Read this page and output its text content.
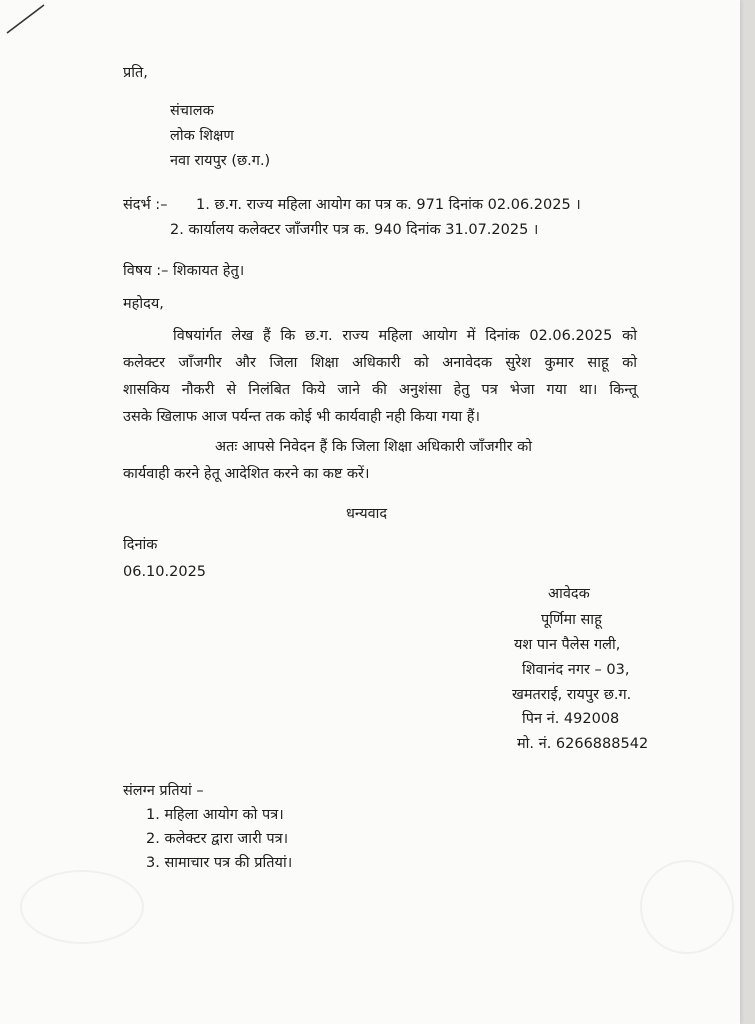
प्रति,
संचालक
लोक शिक्षण
नवा रायपुर (छ.ग.)
संदर्भ :– 1. छ.ग. राज्य महिला आयोग का पत्र क. 971 दिनांक 02.06.2025 ।
2. कार्यालय कलेक्टर जाँजगीर पत्र क. 940 दिनांक 31.07.2025 ।
विषय :– शिकायत हेतु।
महोदय,
विषयांर्गत लेख हैं कि छ.ग. राज्य महिला आयोग में दिनांक 02.06.2025 को
कलेक्टर जाँजगीर और जिला शिक्षा अधिकारी को अनावेदक सुरेश कुमार साहू को
शासकिय नौकरी से निलंबित किये जाने की अनुशंसा हेतु पत्र भेजा गया था। किन्तू
उसके खिलाफ आज पर्यन्त तक कोई भी कार्यवाही नही किया गया हैं।
अतः आपसे निवेदन हैं कि जिला शिक्षा अधिकारी जाँजगीर को
कार्यवाही करने हेतू आदेशित करने का कष्ट करें।
धन्यवाद
दिनांक
06.10.2025
आवेदक
पूर्णिमा साहू
यश पान पैलेस गली,
शिवानंद नगर – 03,
खमतराई, रायपुर छ.ग.
पिन नं. 492008
मो. नं. 6266888542
संलग्न प्रतियां –
1. महिला आयोग को पत्र।
2. कलेक्टर द्वारा जारी पत्र।
3. सामाचार पत्र की प्रतियां।
